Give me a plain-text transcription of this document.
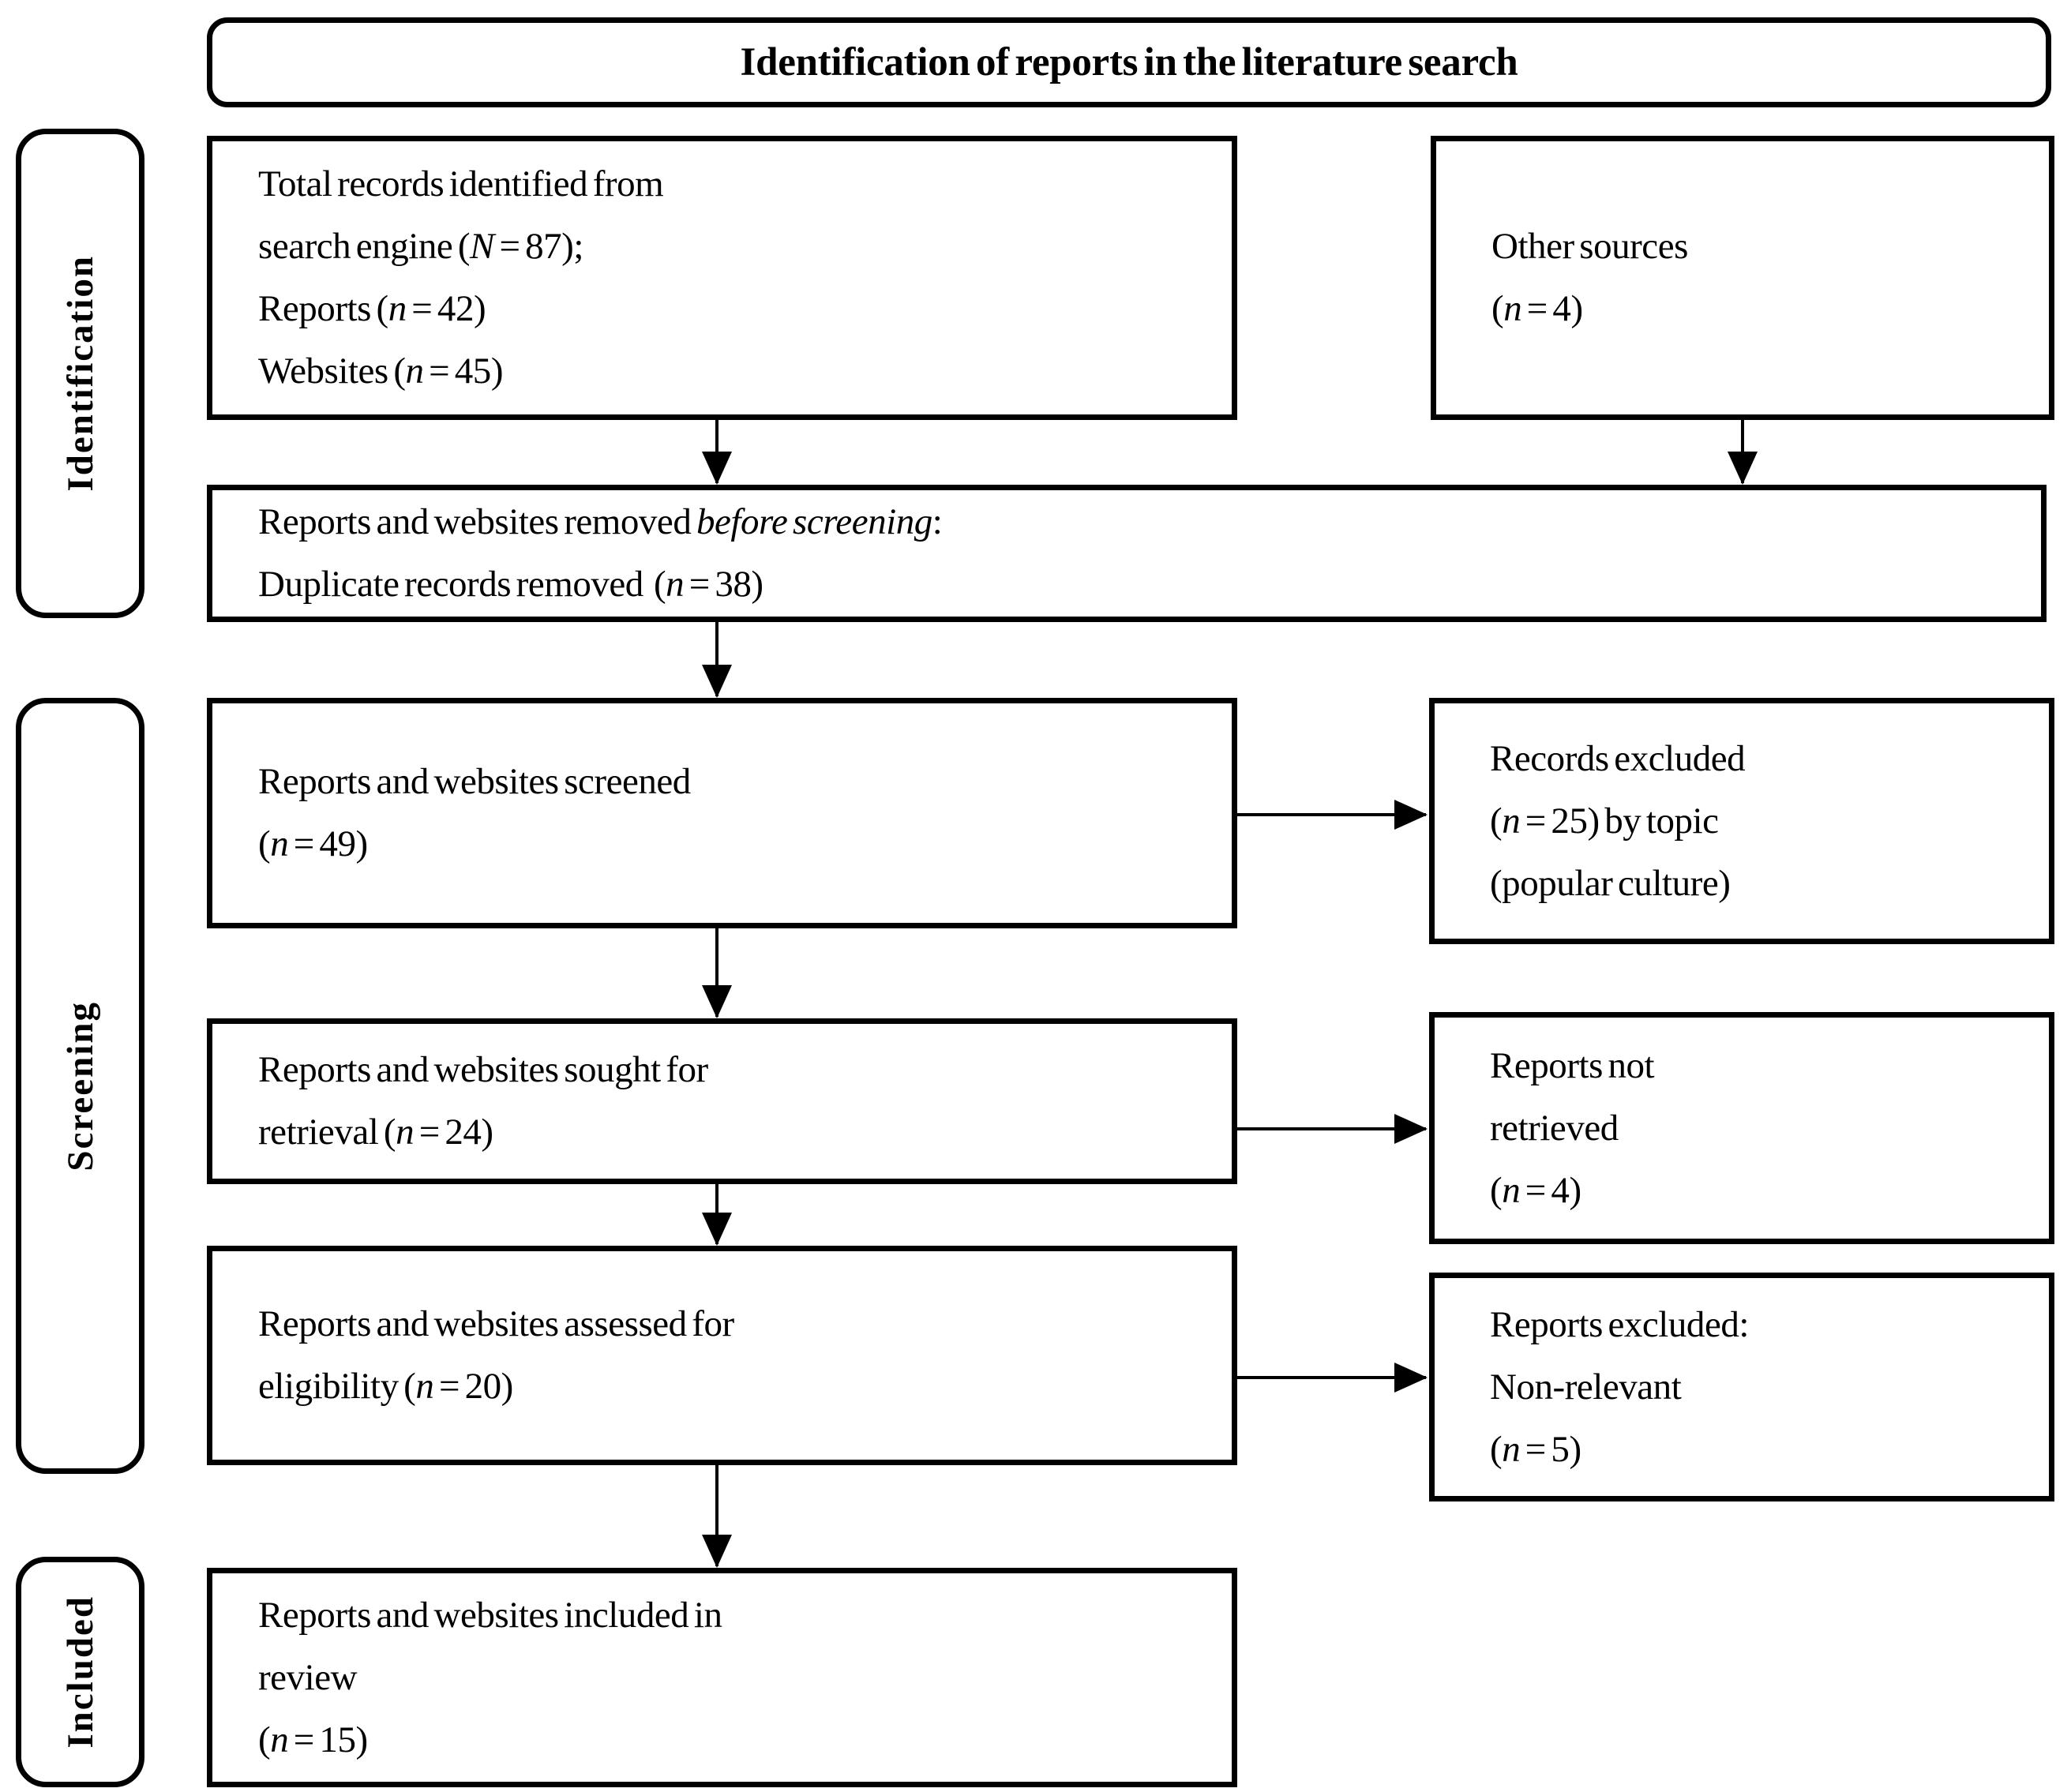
Identification of reports in the literature search
Identification
Screening
Included
Total records identified from
search engine (N = 87);
Reports (n = 42)
Websites (n = 45)
Other sources
(n = 4)
Reports and websites removed before screening:
Duplicate records removed  (n = 38)
Reports and websites screened
(n = 49)
Records excluded
(n = 25) by topic
(popular culture)
Reports and websites sought for
retrieval (n = 24)
Reports not
retrieved
(n = 4)
Reports and websites assessed for
eligibility (n = 20)
Reports excluded:
Non-relevant
(n = 5)
Reports and websites included in
review
(n = 15)
